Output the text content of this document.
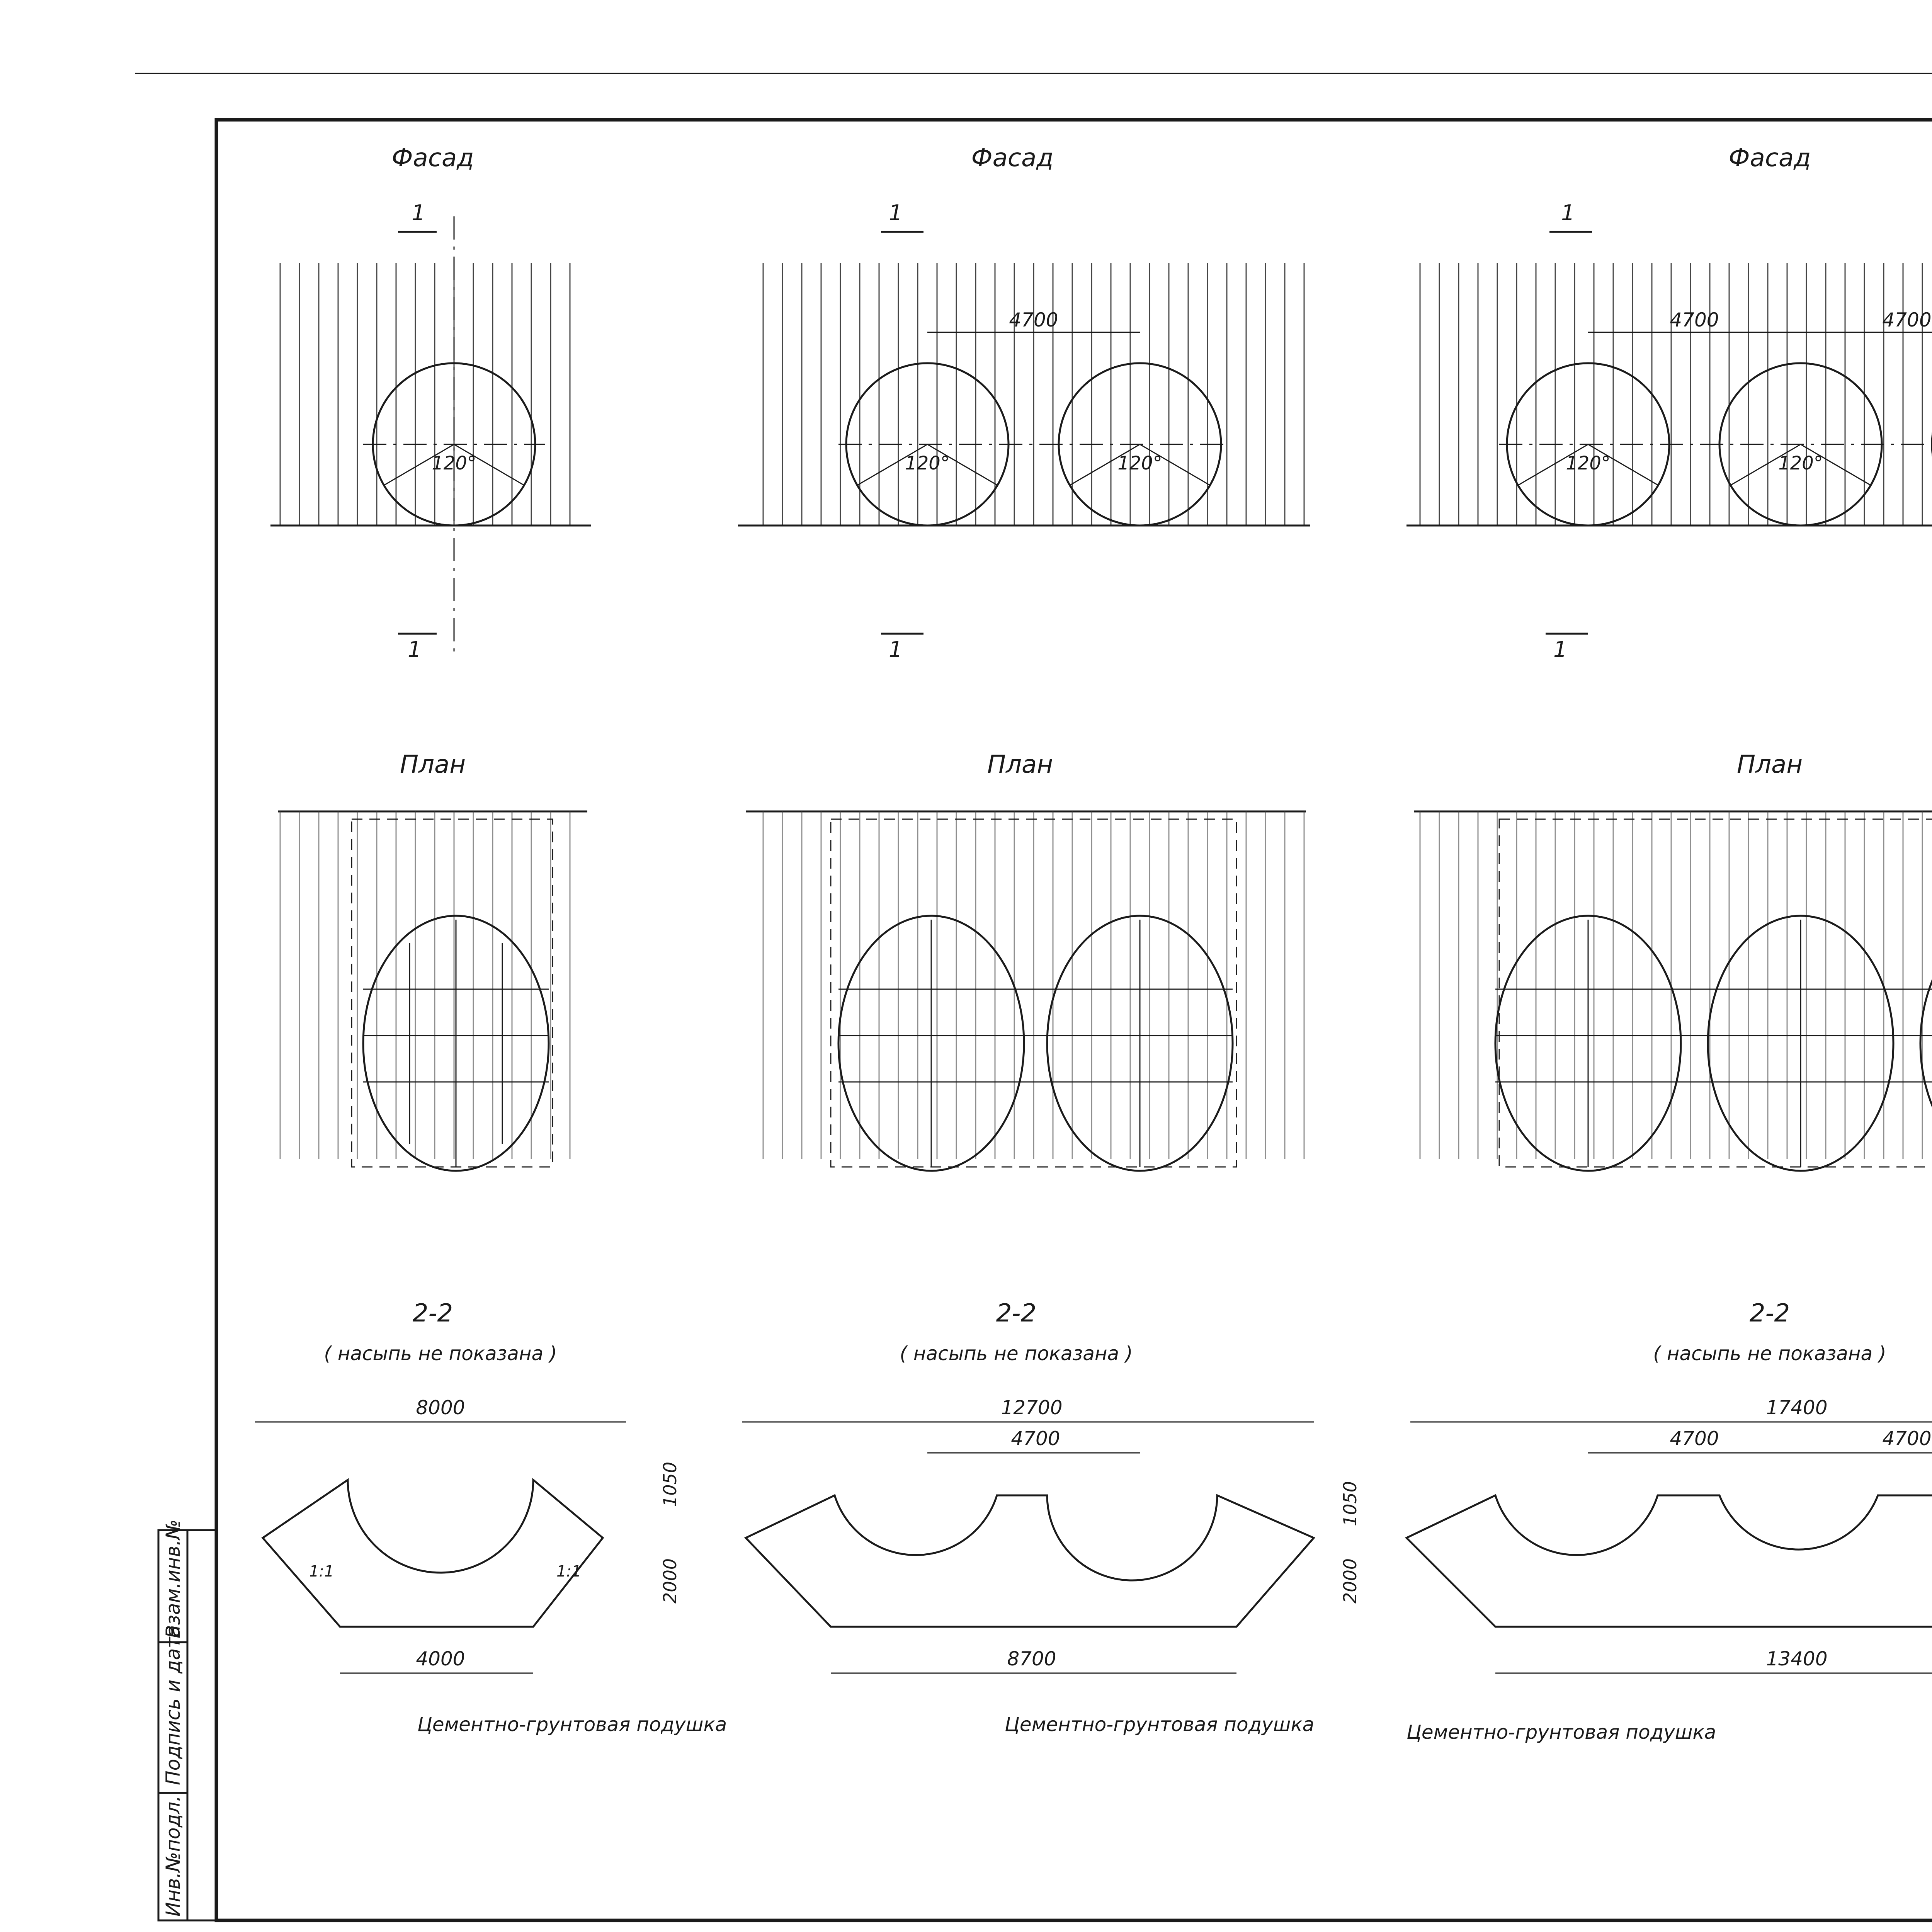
Инв.№подл.
Подпись и дата
Взам.инв.№
Фасад
120°
1
1
Фасад
120°	120°
4700
1
1
Фасад
120°	120°
4700	4700
1
1
План	План	План
2-2
( насыпь не показана )
8000
4000
1050
2000
1:1	1:1
Цементно-грунтовая подушка
2-2
( насыпь не показана )
12700
4700
8700
1050
2000
Цементно-грунтовая подушка
2-2
( насыпь не показана )
17400
4700	4700
13400
Цементно-грунтовая подушка
